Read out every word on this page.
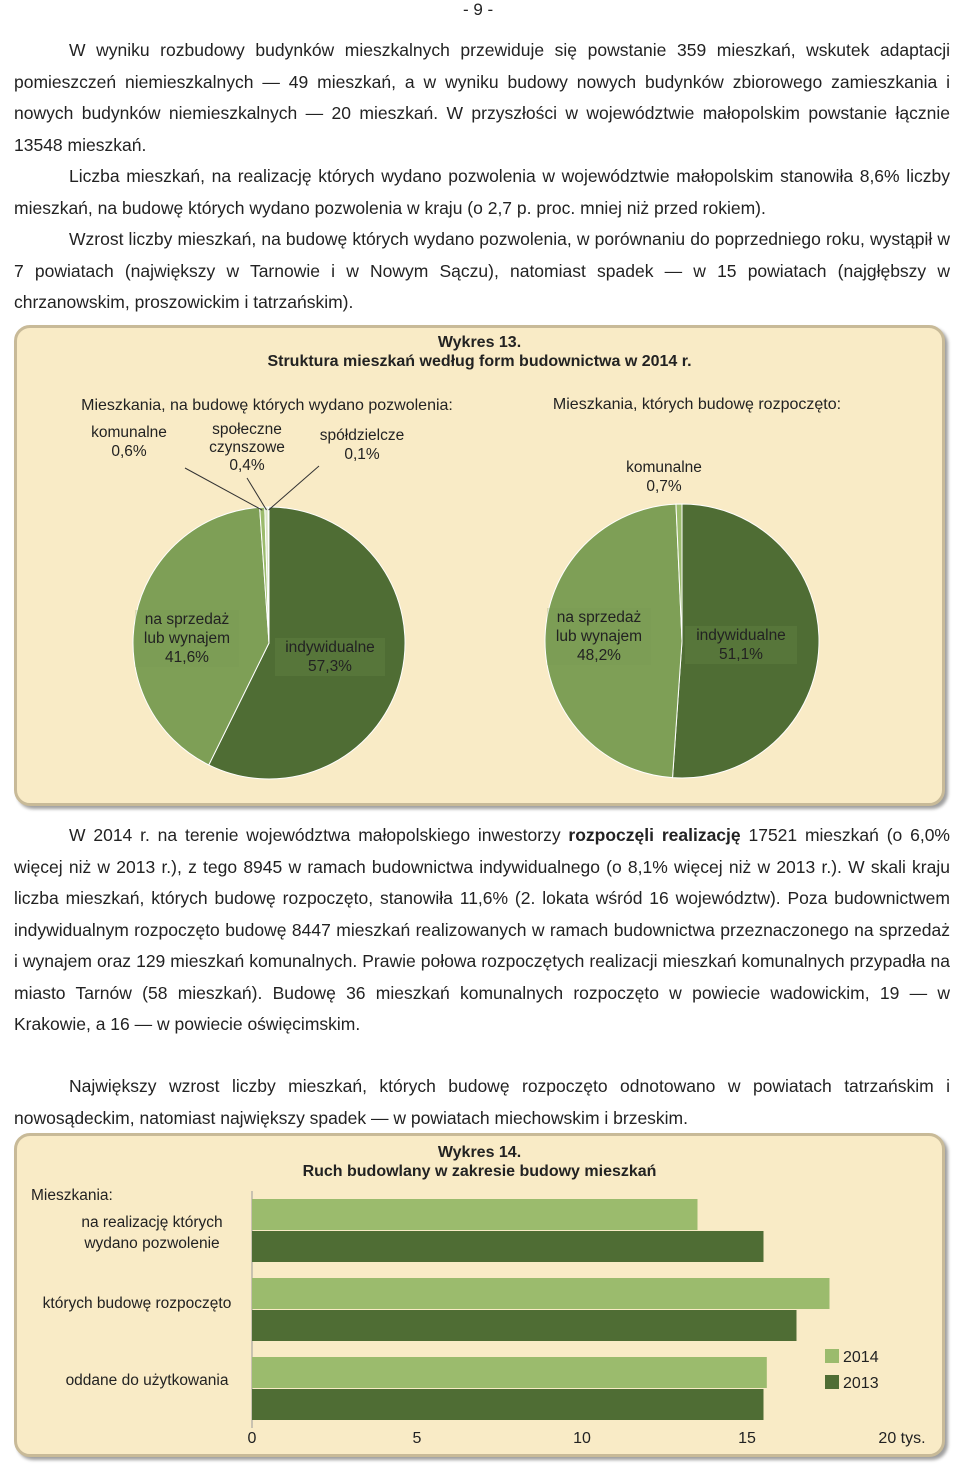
- 9 -

W wyniku rozbudowy budynków mieszkalnych przewiduje się powstanie 359 mieszkań, wskutek adaptacji pomieszczeń niemieszkalnych — 49 mieszkań, a w wyniku budowy nowych budynków zbiorowego zamieszkania i nowych budynków niemieszkalnych — 20 mieszkań. W przyszłości w województwie małopolskim powstanie łącznie 13548 mieszkań.

Liczba mieszkań, na realizację których wydano pozwolenia w województwie małopolskim stanowiła 8,6% liczby mieszkań, na budowę których wydano pozwolenia w kraju (o 2,7 p. proc. mniej niż przed rokiem).

Wzrost liczby mieszkań, na budowę których wydano pozwolenia, w porównaniu do poprzedniego roku, wystąpił w 7 powiatach (największy w Tarnowie i w Nowym Sączu), natomiast spadek — w 15 powiatach (najgłębszy w chrzanowskim, proszowickim i tatrzańskim).

Wykres 13.
Struktura mieszkań według form budownictwa w 2014 r.
Mieszkania, na budowę których wydano pozwolenia:	Mieszkania, których budowę rozpoczęto:
komunalne
0,6%
społeczne czynszowe
0,4%
spółdzielcze
0,1%
na sprzedaż lub wynajem
41,6%
indywidualne
57,3%
komunalne
0,7%
na sprzedaż lub wynajem
48,2%
indywidualne
51,1%

W 2014 r. na terenie województwa małopolskiego inwestorzy rozpoczęli realizację 17521 mieszkań (o 6,0% więcej niż w 2013 r.), z tego 8945 w ramach budownictwa indywidualnego (o 8,1% więcej niż w 2013 r.). W skali kraju liczba mieszkań, których budowę rozpoczęto, stanowiła 11,6% (2. lokata wśród 16 województw). Poza budownictwem indywidualnym rozpoczęto budowę 8447 mieszkań realizowanych w ramach budownictwa przeznaczonego na sprzedaż i wynajem oraz 129 mieszkań komunalnych. Prawie połowa rozpoczętych realizacji mieszkań komunalnych przypadła na miasto Tarnów (58 mieszkań). Budowę 36 mieszkań komunalnych rozpoczęto w powiecie wadowickim, 19 — w Krakowie, a 16 — w powiecie oświęcimskim.

Największy wzrost liczby mieszkań, których budowę rozpoczęto odnotowano w powiatach tatrzańskim i nowosądeckim, natomiast największy spadek — w powiatach miechowskim i brzeskim.

Wykres 14.
Ruch budowlany w zakresie budowy mieszkań
Mieszkania:
na realizację których wydano pozwolenie
których budowę rozpoczęto
oddane do użytkowania
0	5	10	15	20 tys.
2014
2013
